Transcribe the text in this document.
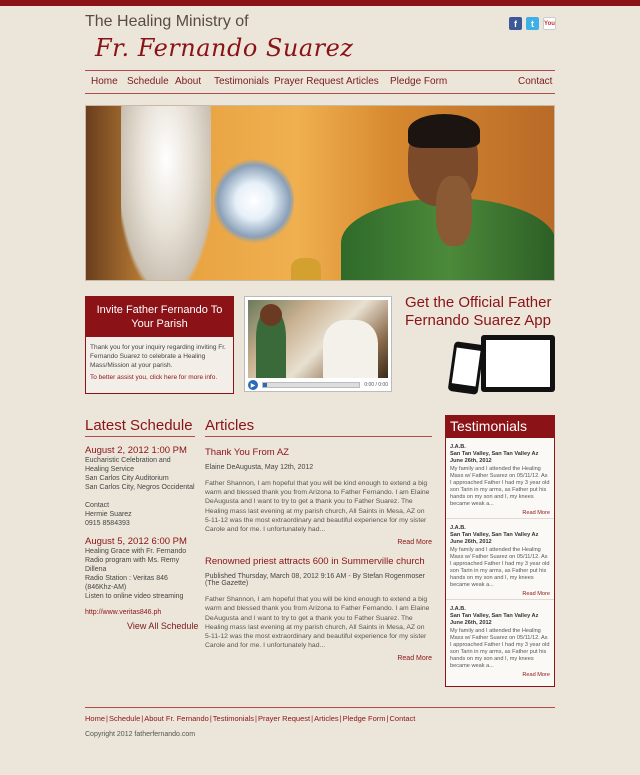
The Healing Ministry of
Fr. Fernando Suarez
f	t	You
Home Schedule About Testimonials Prayer Request Articles Pledge Form	Contact
Invite Father Fernando To Your Parish
Thank you for your inquiry regarding inviting Fr. Fernando Suarez to celebrate a Healing Mass/Mission at your parish.
To better assist you, click here for more info.
▶	0:00 / 0:00
Get the Official Father Fernando Suarez App
Latest Schedule
August 2, 2012 1:00 PM
Eucharistic Celebration and Healing Service
San Carlos City Auditorium
San Carlos City, Negros Occidental

Contact
Hermie Suarez
0915 8584393
August 5, 2012 6:00 PM
Healing Grace with Fr. Fernando
Radio program with Ms. Remy Dillena
Radio Station : Veritas 846 (846Khz-AM)
Listen to online video streaming
http://www.veritas846.ph
View All Schedule
Articles
Thank You From AZ
Elaine DeAugusta, May 12th, 2012
Father Shannon, I am hopeful that you will be kind enough to extend a big warm and blessed thank you from Arizona to Father Fernando. I am Elaine DeAugusta and I want to try to get a thank you to Father Suarez. The Healing mass last evening at my parish church, All Saints in Mesa, AZ on 5-11-12 was the most extraordinary and beautiful experience for my sister Carole and for me. I unfortunately had...
Read More
Renowned priest attracts 600 in Summerville church
Published Thursday, March 08, 2012 9:16 AM - By Stefan Rogenmoser (The Gazette)
Father Shannon, I am hopeful that you will be kind enough to extend a big warm and blessed thank you from Arizona to Father Fernando. I am Elaine DeAugusta and I want to try to get a thank you to Father Suarez. The Healing mass last evening at my parish church, All Saints in Mesa, AZ on 5-11-12 was the most extraordinary and beautiful experience for my sister Carole and for me. I unfortunately had...
Read More
Testimonials
J.A.B.
San Tan Valley, San Tan Valley Az
June 26th, 2012
My family and I attended the Healing Mass w/ Father Suarez on 05/11/12. As I approached Father I had my 3 year old son Tarin in my arms, as Father put his hands on my son and I, my knees became weak a...
Read More
J.A.B.
San Tan Valley, San Tan Valley Az
June 26th, 2012
My family and I attended the Healing Mass w/ Father Suarez on 05/11/12. As I approached Father I had my 3 year old son Tarin in my arms, as Father put his hands on my son and I, my knees became weak a...
Read More
J.A.B.
San Tan Valley, San Tan Valley Az
June 26th, 2012
My family and I attended the Healing Mass w/ Father Suarez on 05/11/12. As I approached Father I had my 3 year old son Tarin in my arms, as Father put his hands on my son and I, my knees became weak a...
Read More
Home|Schedule|About Fr. Fernando|Testimonials|Prayer Request|Articles|Pledge Form|Contact
Copyright 2012 fatherfernando.com
